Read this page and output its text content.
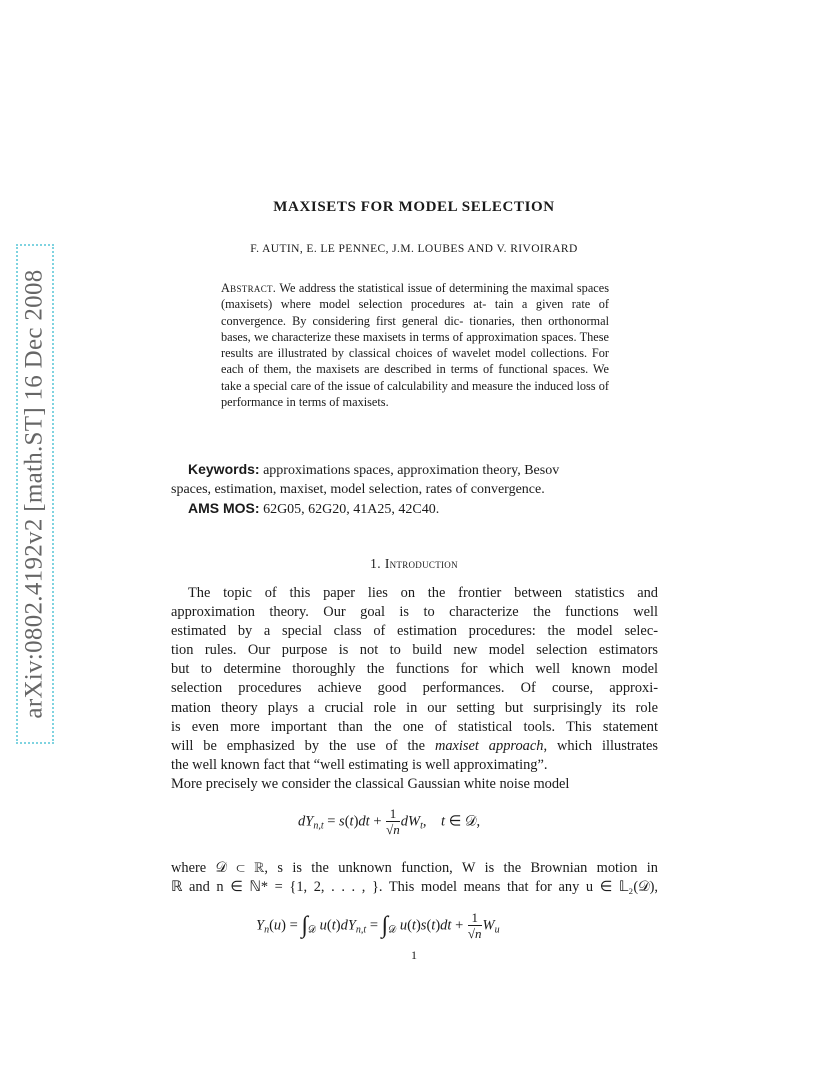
arXiv:0802.4192v2 [math.ST] 16 Dec 2008
MAXISETS FOR MODEL SELECTION
F. AUTIN, E. LE PENNEC, J.M. LOUBES AND V. RIVOIRARD
Abstract. We address the statistical issue of determining the maximal spaces (maxisets) where model selection procedures at- tain a given rate of convergence. By considering first general dic- tionaries, then orthonormal bases, we characterize these maxisets in terms of approximation spaces. These results are illustrated by classical choices of wavelet model collections. For each of them, the maxisets are described in terms of functional spaces. We take a special care of the issue of calculability and measure the induced loss of performance in terms of maxisets.
Keywords: approximations spaces, approximation theory, Besov
spaces, estimation, maxiset, model selection, rates of convergence.
AMS MOS: 62G05, 62G20, 41A25, 42C40.
1. Introduction
The topic of this paper lies on the frontier between statistics and
approximation theory. Our goal is to characterize the functions well
estimated by a special class of estimation procedures: the model selec-
tion rules. Our purpose is not to build new model selection estimators
but to determine thoroughly the functions for which well known model
selection procedures achieve good performances. Of course, approxi-
mation theory plays a crucial role in our setting but surprisingly its role
is even more important than the one of statistical tools. This statement
will be emphasized by the use of the maxiset approach, which illustrates
the well known fact that “well estimating is well approximating”.
More precisely we consider the classical Gaussian white noise model
$dY_{n,t} = s(t)dt + \frac{1}{√n} dW_t$,    t ∈ 𝒟,
where 𝒟 ⊂ ℝ, s is the unknown function, W is the Brownian motion in
ℝ and n ∈ ℕ* = {1, 2, . . . , }. This model means that for any u ∈ 𝕃₂(𝒟),
$Y_n(u) = \int_𝒟$ $u(t)dY_{n,t} = \int_𝒟$ $u(t)s(t)dt + \frac{1}{√n} W_u$
1
